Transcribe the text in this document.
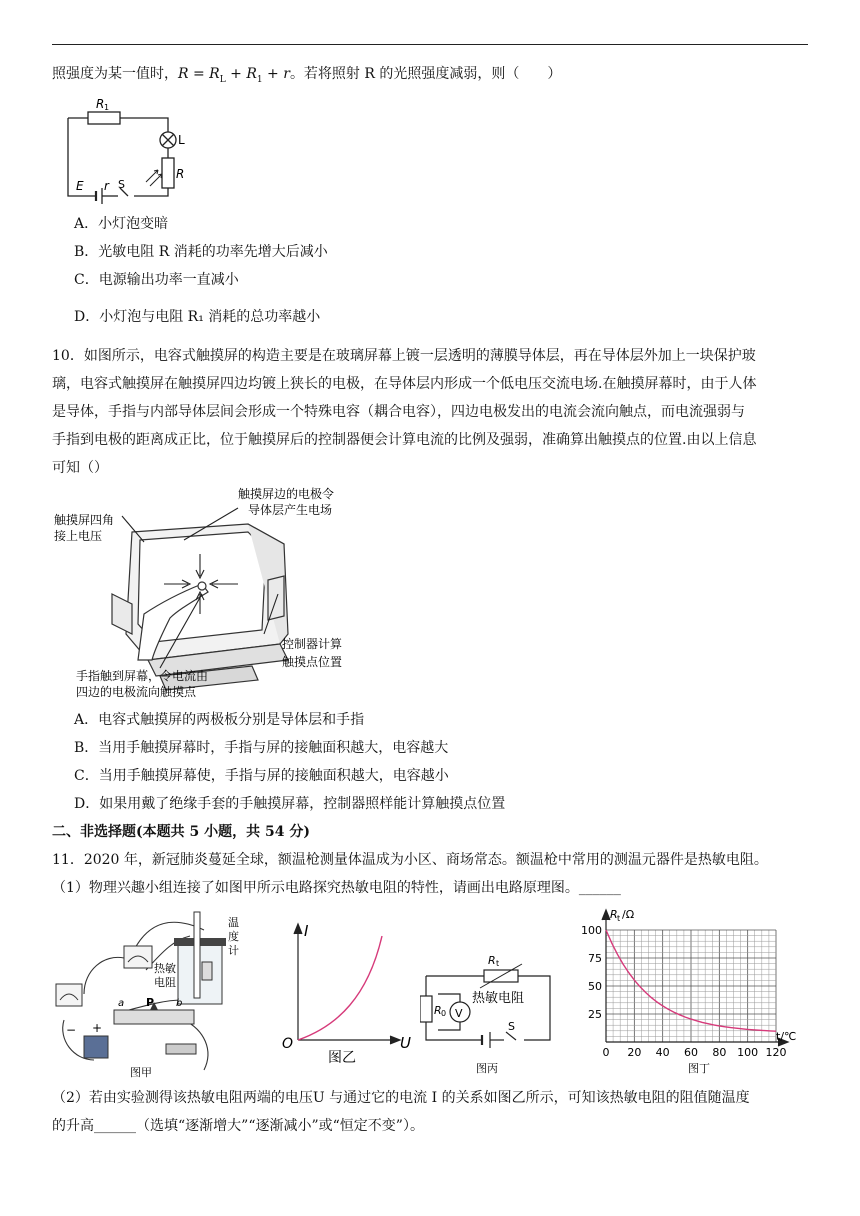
照强度为某一值时，$R = R_L + R_1 + r$。若将照射 R 的光照强度减弱，则（　　）
R 1
L
R
E r S
A．小灯泡变暗
B．光敏电阻 R 消耗的功率先增大后减小
C．电源输出功率一直减小
D．小灯泡与电阻 R₁ 消耗的总功率越小
10．如图所示，电容式触摸屏的构造主要是在玻璃屏幕上镀一层透明的薄膜导体层，再在导体层外加上一块保护玻
璃，电容式触摸屏在触摸屏四边均镀上狭长的电极，在导体层内形成一个低电压交流电场.在触摸屏幕时，由于人体
是导体，手指与内部导体层间会形成一个特殊电容（耦合电容），四边电极发出的电流会流向触点，而电流强弱与
手指到电极的距离成正比，位于触摸屏后的控制器便会计算电流的比例及强弱，准确算出触摸点的位置.由以上信息
可知（）
触摸屏边的电极令
导体层产生电场
触摸屏四角
接上电压
控制器计算
触摸点位置
手指触到屏幕，令电流由
四边的电极流向触摸点
A．电容式触摸屏的两极板分别是导体层和手指
B．当用手触摸屏幕时，手指与屏的接触面积越大，电容越大
C．当用手触摸屏幕使，手指与屏的接触面积越大，电容越小
D．如果用戴了绝缘手套的手触摸屏幕，控制器照样能计算触摸点位置
二、非选择题(本题共 5 小题，共 54 分)
11．2020 年，新冠肺炎蔓延全球，额温枪测量体温成为小区、商场常态。额温枪中常用的测温元器件是热敏电阻。
（1）物理兴趣小组连接了如图甲所示电路探究热敏电阻的特性，请画出电路原理图。______
温
度
计
热敏
电阻
P
a	b
− +
图甲
I
U
O
图乙
R t
R 0 V
热敏电阻
S
图丙
100
75
50
25
0 20 40 60 80 100 120
R t /Ω
t/℃
图丁
（2）若由实验测得该热敏电阻两端的电压U 与通过它的电流 I 的关系如图乙所示，可知该热敏电阻的阻值随温度
的升高______（选填“逐渐增大”“逐渐减小”或“恒定不变”）。
